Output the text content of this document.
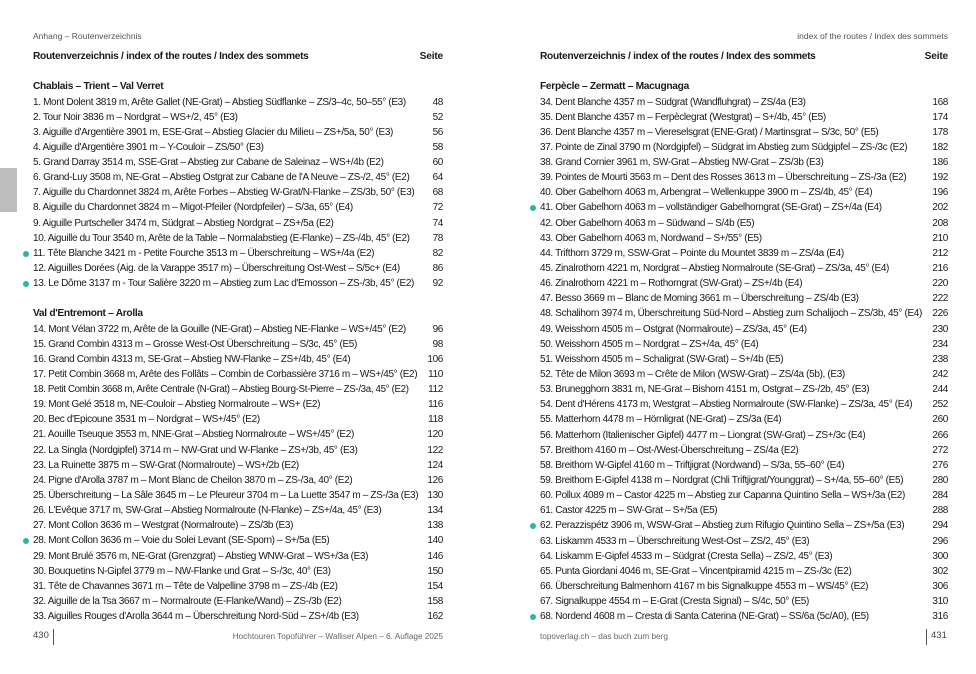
Anhang – Routenverzeichnis
Routenverzeichnis / index of the routes / Index des sommets	Seite
Chablais – Trient – Val Verret
1. Mont Dolent 3819 m, Arête Gallet (NE-Grat) – Abstieg Südflanke – ZS/3–4c, 50–55° (E3)	48
2. Tour Noir 3836 m – Nordgrat – WS+/2, 45° (E3)	52
3. Aiguille d'Argentière 3901 m, ESE-Grat – Abstieg Glacier du Milieu – ZS+/5a, 50° (E3)	56
4. Aiguille d'Argentière 3901 m – Y-Couloir – ZS/50° (E3)	58
5. Grand Darray 3514 m, SSE-Grat – Abstieg zur Cabane de Saleinaz – WS+/4b (E2)	60
6. Grand-Luy 3508 m, NE-Grat – Abstieg Ostgrat zur Cabane de l'A Neuve – ZS-/2, 45° (E2)	64
7. Aiguille du Chardonnet 3824 m, Arête Forbes – Abstieg W-Grat/N-Flanke – ZS/3b, 50° (E3)	68
8. Aiguille du Chardonnet 3824 m – Migot-Pfeiler (Nordpfeiler) – S/3a, 65° (E4)	72
9. Aiguille Purtscheller 3474 m, Südgrat – Abstieg Nordgrat – ZS+/5a (E2)	74
10. Aiguille du Tour 3540 m, Arête de la Table – Normalabstieg (E-Flanke) – ZS-/4b, 45° (E2)	78
11. Tête Blanche 3421 m - Petite Fourche 3513 m – Überschreitung – WS+/4a (E2)	82
12. Aiguilles Dorées (Aig. de la Varappe 3517 m) – Überschreitung Ost-West – S/5c+ (E4)	86
13. Le Dôme 3137 m - Tour Salière 3220 m – Abstieg zum Lac d'Emosson – ZS-/3b, 45° (E2)	92
Val d'Entremont – Arolla
14. Mont Vélan 3722 m, Arête de la Gouille (NE-Grat) – Abstieg NE-Flanke – WS+/45° (E2)	96
15. Grand Combin 4313 m – Grosse West-Ost Überschreitung – S/3c, 45° (E5)	98
16. Grand Combin 4313 m, SE-Grat – Abstieg NW-Flanke – ZS+/4b, 45° (E4)	106
17. Petit Combin 3668 m, Arête des Follâts – Combin de Corbassière 3716 m – WS+/45° (E2)	110
18. Petit Combin 3668 m, Arête Centrale (N-Grat) – Abstieg Bourg-St-Pierre – ZS-/3a, 45° (E2)	112
19. Mont Gelé 3518 m, NE-Couloir – Abstieg Normalroute – WS+ (E2)	116
20. Bec d'Epicoune 3531 m – Nordgrat – WS+/45° (E2)	118
21. Aouille Tseuque 3553 m, NNE-Grat – Abstieg Normalroute – WS+/45° (E2)	120
22. La Singla (Nordgipfel) 3714 m – NW-Grat und W-Flanke – ZS+/3b, 45° (E3)	122
23. La Ruinette 3875 m – SW-Grat (Normalroute) – WS+/2b (E2)	124
24. Pigne d'Arolla 3787 m – Mont Blanc de Cheilon 3870 m – ZS-/3a, 40° (E2)	126
25. Überschreitung – La Sâle 3645 m – Le Pleureur 3704 m – La Luette 3547 m – ZS-/3a (E3) 130
26. L'Evêque 3717 m, SW-Grat – Abstieg Normalroute (N-Flanke) – ZS+/4a, 45° (E3)	134
27. Mont Collon 3636 m – Westgrat (Normalroute) – ZS/3b (E3)	138
28. Mont Collon 3636 m – Voie du Solei Levant (SE-Sporn) – S+/5a (E5)	140
29. Mont Brulé 3576 m, NE-Grat (Grenzgrat) – Abstieg WNW-Grat – WS+/3a (E3)	146
30. Bouquetins N-Gipfel 3779 m – NW-Flanke und Grat – S-/3c, 40° (E3)	150
31. Tête de Chavannes 3671 m – Tête de Valpelline 3798 m – ZS-/4b (E2)	154
32. Aiguille de la Tsa 3667 m – Normalroute (E-Flanke/Wand) – ZS-/3b (E2)	158
33. Aiguilles Rouges d'Arolla 3644 m – Überschreitung Nord-Süd – ZS+/4b (E3)	162
430	Hochtouren Topoführer – Walliser Alpen – 6. Auflage 2025
index of the routes / Index des sommets
Routenverzeichnis / index of the routes / Index des sommets	Seite
Ferpècle – Zermatt – Macugnaga
34. Dent Blanche 4357 m – Südgrat (Wandfluhgrat) – ZS/4a (E3)	168
35. Dent Blanche 4357 m – Ferpèclegrat (Westgrat) – S+/4b, 45° (E5)	174
36. Dent Blanche 4357 m – Viereselsgrat (ENE-Grat) / Martinsgrat – S/3c, 50° (E5)	178
37. Pointe de Zinal 3790 m (Nordgipfel) – Südgrat im Abstieg zum Südgipfel – ZS-/3c (E2)	182
38. Grand Cornier 3961 m, SW-Grat – Abstieg NW-Grat – ZS/3b (E3)	186
39. Pointes de Mourti 3563 m – Dent des Rosses 3613 m – Überschreitung – ZS-/3a (E2)	192
40. Ober Gabelhorn 4063 m, Arbengrat – Wellenkuppe 3900 m – ZS/4b, 45° (E4)	196
41. Ober Gabelhorn 4063 m – vollständiger Gabelhorngrat (SE-Grat) – ZS+/4a (E4)	202
42. Ober Gabelhorn 4063 m – Südwand – S/4b (E5)	208
43. Ober Gabelhorn 4063 m, Nordwand – S+/55° (E5)	210
44. Trifthorn 3729 m, SSW-Grat – Pointe du Mountet 3839 m – ZS/4a (E4)	212
45. Zinalrothorn 4221 m, Nordgrat – Abstieg Normalroute (SE-Grat) – ZS/3a, 45° (E4)	216
46. Zinalrothorn 4221 m – Rothorngrat (SW-Grat) – ZS+/4b (E4)	220
47. Besso 3669 m – Blanc de Moming 3661 m – Überschreitung – ZS/4b (E3)	222
48. Schalihorn 3974 m, Überschreitung Süd-Nord – Abstieg zum Schalijoch – ZS/3b, 45° (E4)	226
49. Weisshorn 4505 m – Ostgrat (Normalroute) – ZS/3a, 45° (E4)	230
50. Weisshorn 4505 m – Nordgrat – ZS+/4a, 45° (E4)	234
51. Weisshorn 4505 m – Schaligrat (SW-Grat) – S+/4b (E5)	238
52. Tête de Milon 3693 m – Crête de Milon (WSW-Grat) – ZS/4a (5b), (E3)	242
53. Brunegghorn 3831 m, NE-Grat – Bishorn 4151 m, Ostgrat – ZS-/2b, 45° (E3)	244
54. Dent d'Hérens 4173 m, Westgrat – Abstieg Normalroute (SW-Flanke) – ZS/3a, 45° (E4)	252
55. Matterhorn 4478 m – Hörnligrat (NE-Grat) – ZS/3a (E4)	260
56. Matterhorn (Italienischer Gipfel) 4477 m – Liongrat (SW-Grat) – ZS+/3c (E4)	266
57. Breithorn 4160 m – Ost-/West-Überschreitung – ZS/4a (E2)	272
58. Breithorn W-Gipfel 4160 m – Triftjigrat (Nordwand) – S/3a, 55–60° (E4)	276
59. Breithorn E-Gipfel 4138 m – Nordgrat (Chli Triftjigrat/Younggrat) – S+/4a, 55–60° (E5)	280
60. Pollux 4089 m – Castor 4225 m – Abstieg zur Capanna Quintino Sella – WS+/3a (E2)	284
61. Castor 4225 m – SW-Grat – S+/5a (E5)	288
62. Perazzispétz 3906 m, WSW-Grat – Abstieg zum Rifugio Quintino Sella – ZS+/5a (E3)	294
63. Liskamm 4533 m – Überschreitung West-Ost – ZS/2, 45° (E3)	296
64. Liskamm E-Gipfel 4533 m – Südgrat (Cresta Sella) – ZS/2, 45° (E3)	300
65. Punta Giordani 4046 m, SE-Grat – Vincentpiramid 4215 m – ZS-/3c (E2)	302
66. Überschreitung Balmenhorn 4167 m bis Signalkuppe 4553 m – WS/45° (E2)	306
67. Signalkuppe 4554 m – E-Grat (Cresta Signal) – S/4c, 50° (E5)	310
68. Nordend 4608 m – Cresta di Santa Caterina (NE-Grat) – SS/6a (5c/A0), (E5)	316
topoverlag.ch – das buch zum berg	431
